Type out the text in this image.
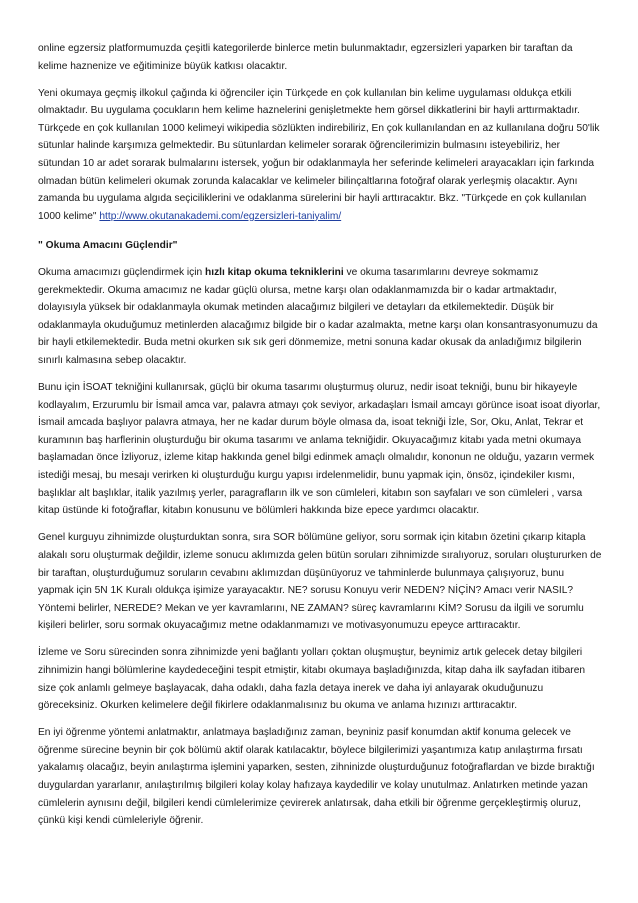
online egzersiz platformumuzda çeşitli kategorilerde binlerce metin bulunmaktadır, egzersizleri yaparken bir taraftan da kelime haznenize ve eğitiminize büyük katkısı olacaktır.

Yeni okumaya geçmiş ilkokul çağında ki öğrenciler için Türkçede en çok kullanılan bin kelime uygulaması oldukça etkili olmaktadır. Bu uygulama çocukların hem kelime haznelerini genişletmekte hem görsel dikkatlerini bir hayli arttırmaktadır. Türkçede en çok kullanılan 1000 kelimeyi wikipedia sözlükten indirebiliriz, En çok kullanılandan en az kullanılana doğru 50'lik sütunlar halinde karşımıza gelmektedir. Bu sütunlardan kelimeler sorarak öğrencilerimizin bulmasını isteyebiliriz, her sütundan 10 ar adet sorarak bulmalarını istersek, yoğun bir odaklanmayla her seferinde kelimeleri arayacakları için farkında olmadan bütün kelimeleri okumak zorunda kalacaklar ve kelimeler bilinçaltlarına fotoğraf olarak yerleşmiş olacaktır. Aynı zamanda bu uygulama algıda seçiciliklerini ve odaklanma sürelerini bir hayli arttıracaktır. Bkz. "Türkçede en çok kullanılan 1000 kelime" http://www.okutanakademi.com/egzersizleri-taniyalim/

" Okuma Amacını Güçlendir"

Okuma amacımızı güçlendirmek için hızlı kitap okuma tekniklerini ve okuma tasarımlarını devreye sokmamız gerekmektedir. Okuma amacımız ne kadar güçlü olursa, metne karşı olan odaklanmamızda bir o kadar artmaktadır, dolayısıyla yüksek bir odaklanmayla okumak metinden alacağımız bilgileri ve detayları da etkilemektedir. Düşük bir odaklanmayla okuduğumuz metinlerden alacağımız bilgide bir o kadar azalmakta, metne karşı olan konsantrasyonumuzu da bir hayli etkilemektedir. Buda metni okurken sık sık geri dönmemize, metni sonuna kadar okusak da anladığımız bilgilerin sınırlı kalmasına sebep olacaktır.

Bunu için İSOAT tekniğini kullanırsak, güçlü bir okuma tasarımı oluşturmuş oluruz, nedir isoat tekniği, bunu bir hikayeyle kodlayalım, Erzurumlu bir İsmail amca var, palavra atmayı çok seviyor, arkadaşları İsmail amcayı görünce isoat isoat diyorlar, İsmail amcada başlıyor palavra atmaya, her ne kadar durum böyle olmasa da, isoat tekniği İzle, Sor, Oku, Anlat, Tekrar et kuramının baş harflerinin oluşturduğu bir okuma tasarımı ve anlama tekniğidir. Okuyacağımız kitabı yada metni okumaya başlamadan önce İzliyoruz, izleme kitap hakkında genel bilgi edinmek amaçlı olmalıdır, kononun ne olduğu, yazarın vermek istediği mesaj, bu mesajı verirken ki oluşturduğu kurgu yapısı irdelenmelidir, bunu yapmak için, önsöz, içindekiler kısmı, başlıklar alt başlıklar, italik yazılmış yerler, paragrafların ilk ve son cümleleri, kitabın son sayfaları ve son cümleleri , varsa kitap üstünde ki fotoğraflar, kitabın konusunu ve bölümleri hakkında bize epece yardımcı olacaktır.

Genel kurguyu zihnimizde oluşturduktan sonra, sıra SOR bölümüne geliyor, soru sormak için kitabın özetini çıkarıp kitapla alakalı soru oluşturmak değildir, izleme sonucu aklımızda gelen bütün soruları zihnimizde sıralıyoruz, soruları oluştururken de bir taraftan, oluşturduğumuz soruların cevabını aklımızdan düşünüyoruz ve tahminlerde bulunmaya çalışıyoruz, bunu yapmak için 5N 1K Kuralı oldukça işimize yarayacaktır. NE? sorusu Konuyu verir NEDEN? NİÇİN? Amacı verir NASIL? Yöntemi belirler, NEREDE? Mekan ve yer kavramlarını, NE ZAMAN? süreç kavramlarını KİM? Sorusu da ilgili ve sorumlu kişileri belirler, soru sormak okuyacağımız metne odaklanmamızı ve motivasyonumuzu epeyce arttıracaktır.

İzleme ve Soru sürecinden sonra zihnimizde yeni bağlantı yolları çoktan oluşmuştur, beynimiz artık gelecek detay bilgileri zihnimizin hangi bölümlerine kaydedeceğini tespit etmiştir, kitabı okumaya başladığınızda, kitap daha ilk sayfadan itibaren size çok anlamlı gelmeye başlayacak, daha odaklı, daha fazla detaya inerek ve daha iyi anlayarak okuduğunuzu göreceksiniz. Okurken kelimelere değil fikirlere odaklanmalısınız bu okuma ve anlama hızınızı arttıracaktır.

En iyi öğrenme yöntemi anlatmaktır, anlatmaya başladığınız zaman, beyniniz pasif konumdan aktif konuma gelecek ve öğrenme sürecine beynin bir çok bölümü aktif olarak katılacaktır, böylece bilgilerimizi yaşantımıza katıp anılaştırma fırsatı yakalamış olacağız, beyin anılaştırma işlemini yaparken, sesten, zihninizde oluşturduğunuz fotoğraflardan ve bizde bıraktığı duygulardan yararlanır, anılaştırılmış bilgileri kolay kolay hafızaya kaydedilir ve kolay unutulmaz. Anlatırken metinde yazan cümlelerin aynısını değil, bilgileri kendi cümlelerimize çevirerek anlatırsak, daha etkili bir öğrenme gerçekleştirmiş oluruz, çünkü kişi kendi cümleleriyle öğrenir.
